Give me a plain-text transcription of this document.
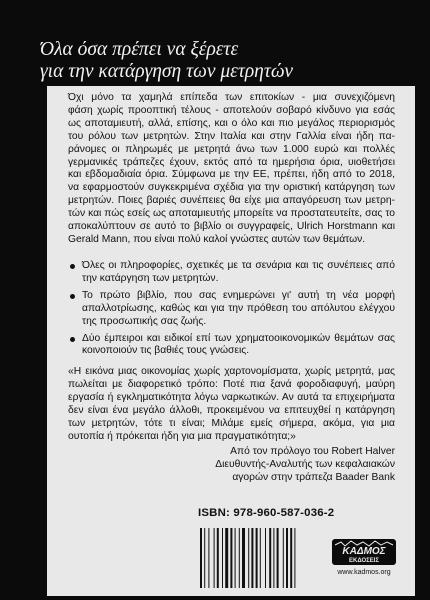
Όλα όσα πρέπει να ξέρετε
για την κατάργηση των μετρητών
Όχι μόνο τα χαμηλά επίπεδα των επιτοκίων - μια συνεχιζόμενη
φάση χωρίς προοπτική τέλους - αποτελούν σοβαρό κίνδυνο για εσάς
ως αποταμιευτή, αλλά, επίσης, και ο όλο και πιο μεγάλος περιορισμός
του ρόλου των μετρητών. Στην Ιταλία και στην Γαλλία είναι ήδη πα-
ράνομες οι πληρωμές με μετρητά άνω των 1.000 ευρώ και πολλές
γερμανικές τράπεζες έχουν, εκτός από τα ημερήσια όρια, υιοθετήσει
και εβδομαδιαία όρια. Σύμφωνα με την ΕΕ, πρέπει, ήδη από το 2018,
να εφαρμοστούν συγκεκριμένα σχέδια για την οριστική κατάργηση των
μετρητών. Ποιες βαριές συνέπειες θα είχε μια απαγόρευση των μετρη-
τών και πώς εσείς ως αποταμιευτής μπορείτε να προστατευτείτε, σας το
αποκαλύπτουν σε αυτό το βιβλίο οι συγγραφείς, Ulrich Horstmann και
Gerald Mann, που είναι πολύ καλοί γνώστες αυτών των θεμάτων.
Όλες οι πληροφορίες, σχετικές με τα σενάρια και τις συνέπειες από την κατάργηση των μετρητών.
Το πρώτο βιβλίο, που σας ενημερώνει γι' αυτή τη νέα μορφή απαλλοτρίωσης, καθώς και για την πρόθεση του απόλυτου ελέγχου της προσωπικής σας ζωής.
Δύο έμπειροι και ειδικοί επί των χρηματοοικονομικών θεμάτων σας κοινοποιούν τις βαθιές τους γνώσεις.
«Η εικόνα μιας οικονομίας χωρίς χαρτονομίσματα, χωρίς μετρητά, μας πωλείται με διαφορετικό τρόπο: Ποτέ πια ξανά φοροδιαφυγή, μαύρη εργασία ή εγκληματικότητα λόγω ναρκωτικών. Αν αυτά τα επιχειρήματα δεν είναι ένα μεγάλο άλλοθι, προκειμένου να επιτευχθεί η κατάργηση των μετρητών, τότε τι είναι; Μιλάμε εμείς σήμερα, ακόμα, για μια ουτοπία ή πρόκειται ήδη για μια πραγματικότητα;»
Από τον πρόλογο του Robert Halver
Διευθυντής-Αναλυτής των κεφαλαιακών
αγορών στην τράπεζα Baader Bank
ISBN: 978-960-587-036-2
ΚΑΔΜΟΣ
ΕΚΔΟΣΕΙΣ
www.kadmos.org
